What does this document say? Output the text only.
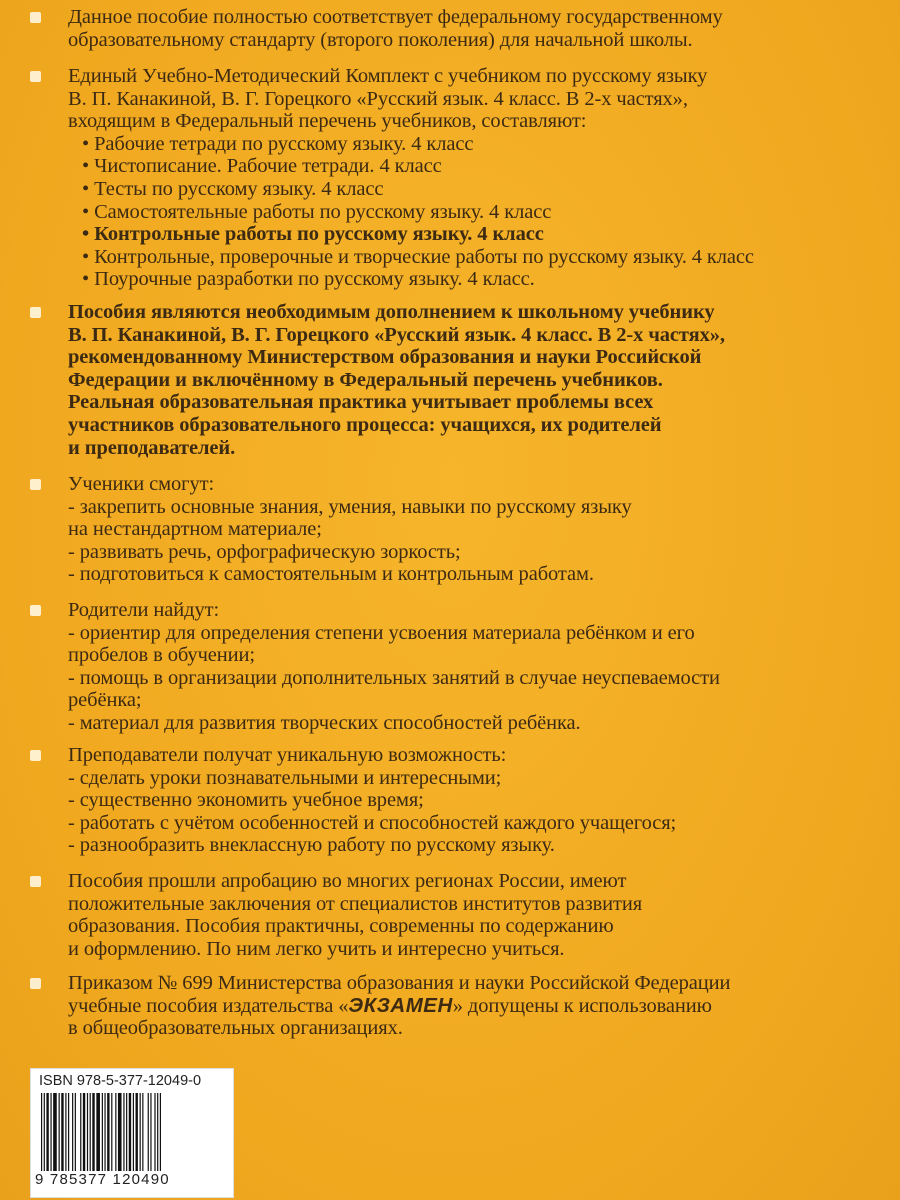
Данное пособие полностью соответствует федеральному государственному
образовательному стандарту (второго поколения) для начальной школы.
Единый Учебно-Методический Комплект с учебником по русскому языку
В. П. Канакиной, В. Г. Горецкого «Русский язык. 4 класс. В 2-х частях»,
входящим в Федеральный перечень учебников, составляют:
• Рабочие тетради по русскому языку. 4 класс
• Чистописание. Рабочие тетради. 4 класс
• Тесты по русскому языку. 4 класс
• Самостоятельные работы по русскому языку. 4 класс
• Контрольные работы по русскому языку. 4 класс
• Контрольные, проверочные и творческие работы по русскому языку. 4 класс
• Поурочные разработки по русскому языку. 4 класс.
Пособия являются необходимым дополнением к школьному учебнику
В. П. Канакиной, В. Г. Горецкого «Русский язык. 4 класс. В 2-х частях»,
рекомендованному Министерством образования и науки Российской
Федерации и включённому в Федеральный перечень учебников.
Реальная образовательная практика учитывает проблемы всех
участников образовательного процесса: учащихся, их родителей
и преподавателей.
Ученики смогут:
- закрепить основные знания, умения, навыки по русскому языку
на нестандартном материале;
- развивать речь, орфографическую зоркость;
- подготовиться к самостоятельным и контрольным работам.
Родители найдут:
- ориентир для определения степени усвоения материала ребёнком и его
пробелов в обучении;
- помощь в организации дополнительных занятий в случае неуспеваемости
ребёнка;
- материал для развития творческих способностей ребёнка.
Преподаватели получат уникальную возможность:
- сделать уроки познавательными и интересными;
- существенно экономить учебное время;
- работать с учётом особенностей и способностей каждого учащегося;
- разнообразить внеклассную работу по русскому языку.
Пособия прошли апробацию во многих регионах России, имеют
положительные заключения от специалистов институтов развития
образования. Пособия практичны, современны по содержанию
и оформлению. По ним легко учить и интересно учиться.
Приказом № 699 Министерства образования и науки Российской Федерации
учебные пособия издательства «ЭКЗАМЕН» допущены к использованию
в общеобразовательных организациях.
ISBN 978-5-377-12049-0
9 785377 120490
